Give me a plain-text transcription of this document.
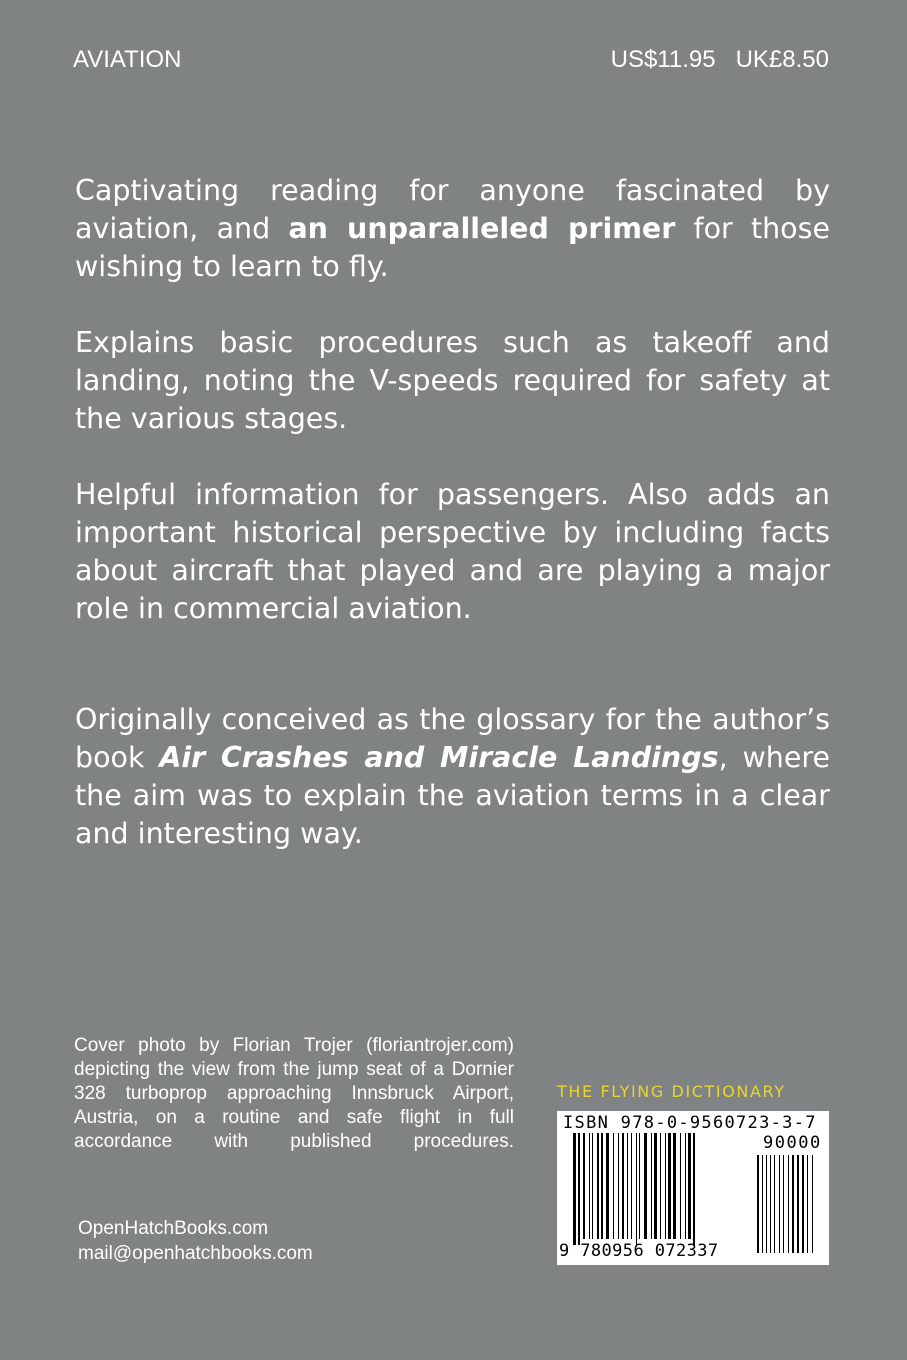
AVIATION	US$11.95 UK£8.50
Captivating reading for anyone fascinated by aviation, and an unparalleled primer for those wishing to learn to fly.
Explains basic procedures such as takeoff and landing, noting the V-speeds required for safety at the various stages.
Helpful information for passengers. Also adds an important historical perspective by including facts about aircraft that played and are playing a major role in commercial aviation.
Originally conceived as the glossary for the author’s book Air Crashes and Miracle Landings, where the aim was to explain the aviation terms in a clear and interesting way.
Cover photo by Florian Trojer (floriantrojer.com) depicting the view from the jump seat of a Dornier 328 turboprop approaching Innsbruck Airport, Austria, on a routine and safe flight in full accordance with published procedures.
OpenHatchBooks.com
mail@openhatchbooks.com
THE FLYING DICTIONARY
ISBN 978-0-9560723-3-7
90000
9 780956 072337
